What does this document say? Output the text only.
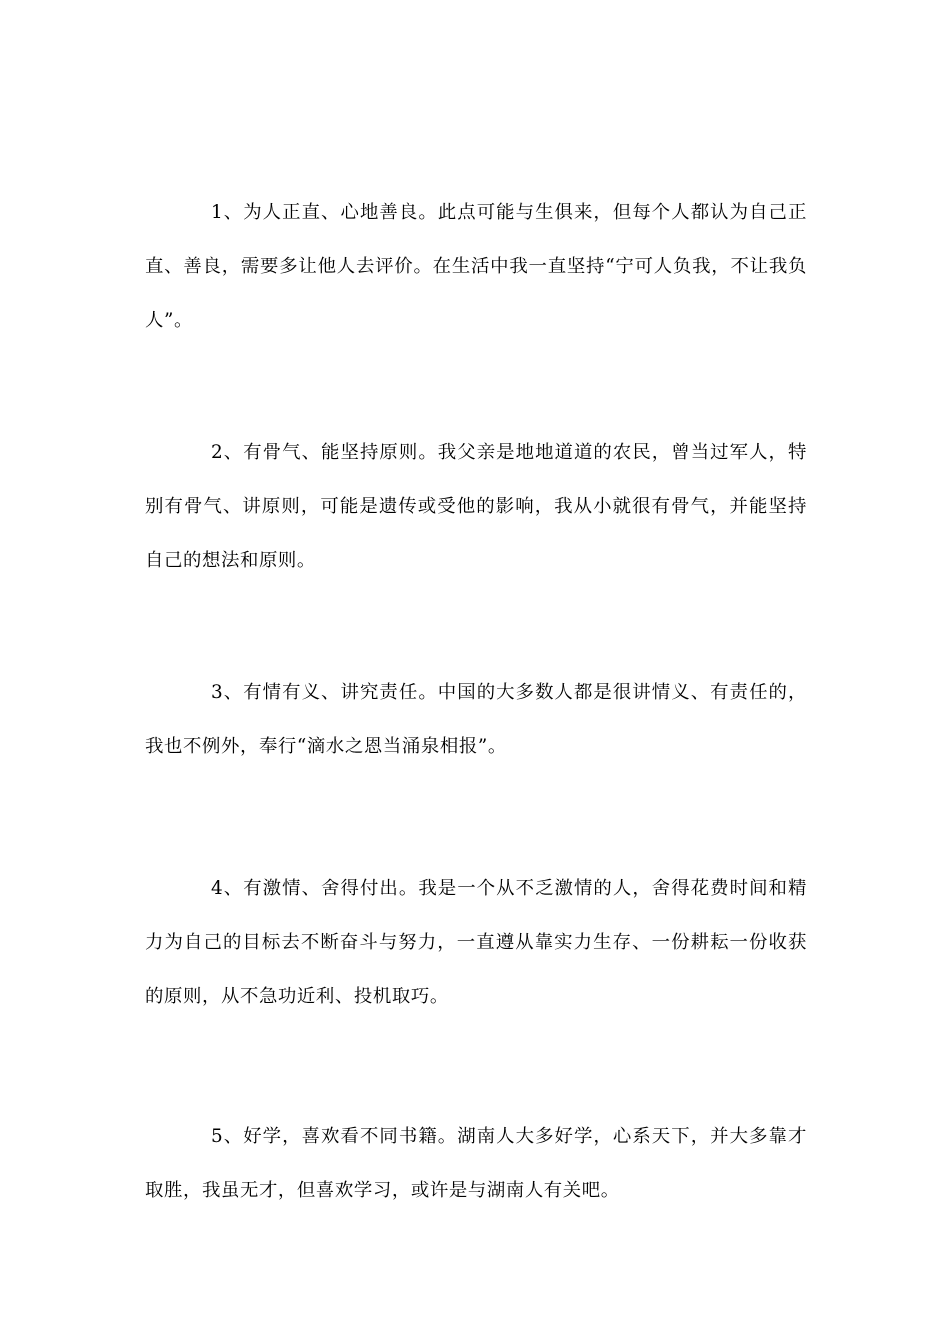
1、为人正直、心地善良。此点可能与生俱来，但每个人都认为自己正直、善良，需要多让他人去评价。在生活中我一直坚持“宁可人负我，不让我负人”。

2、有骨气、能坚持原则。我父亲是地地道道的农民，曾当过军人，特别有骨气、讲原则，可能是遗传或受他的影响，我从小就很有骨气，并能坚持自己的想法和原则。

3、有情有义、讲究责任。中国的大多数人都是很讲情义、有责任的，我也不例外，奉行“滴水之恩当涌泉相报”。

4、有激情、舍得付出。我是一个从不乏激情的人，舍得花费时间和精力为自己的目标去不断奋斗与努力，一直遵从靠实力生存、一份耕耘一份收获的原则，从不急功近利、投机取巧。

5、好学，喜欢看不同书籍。湖南人大多好学，心系天下，并大多靠才取胜，我虽无才，但喜欢学习，或许是与湖南人有关吧。
